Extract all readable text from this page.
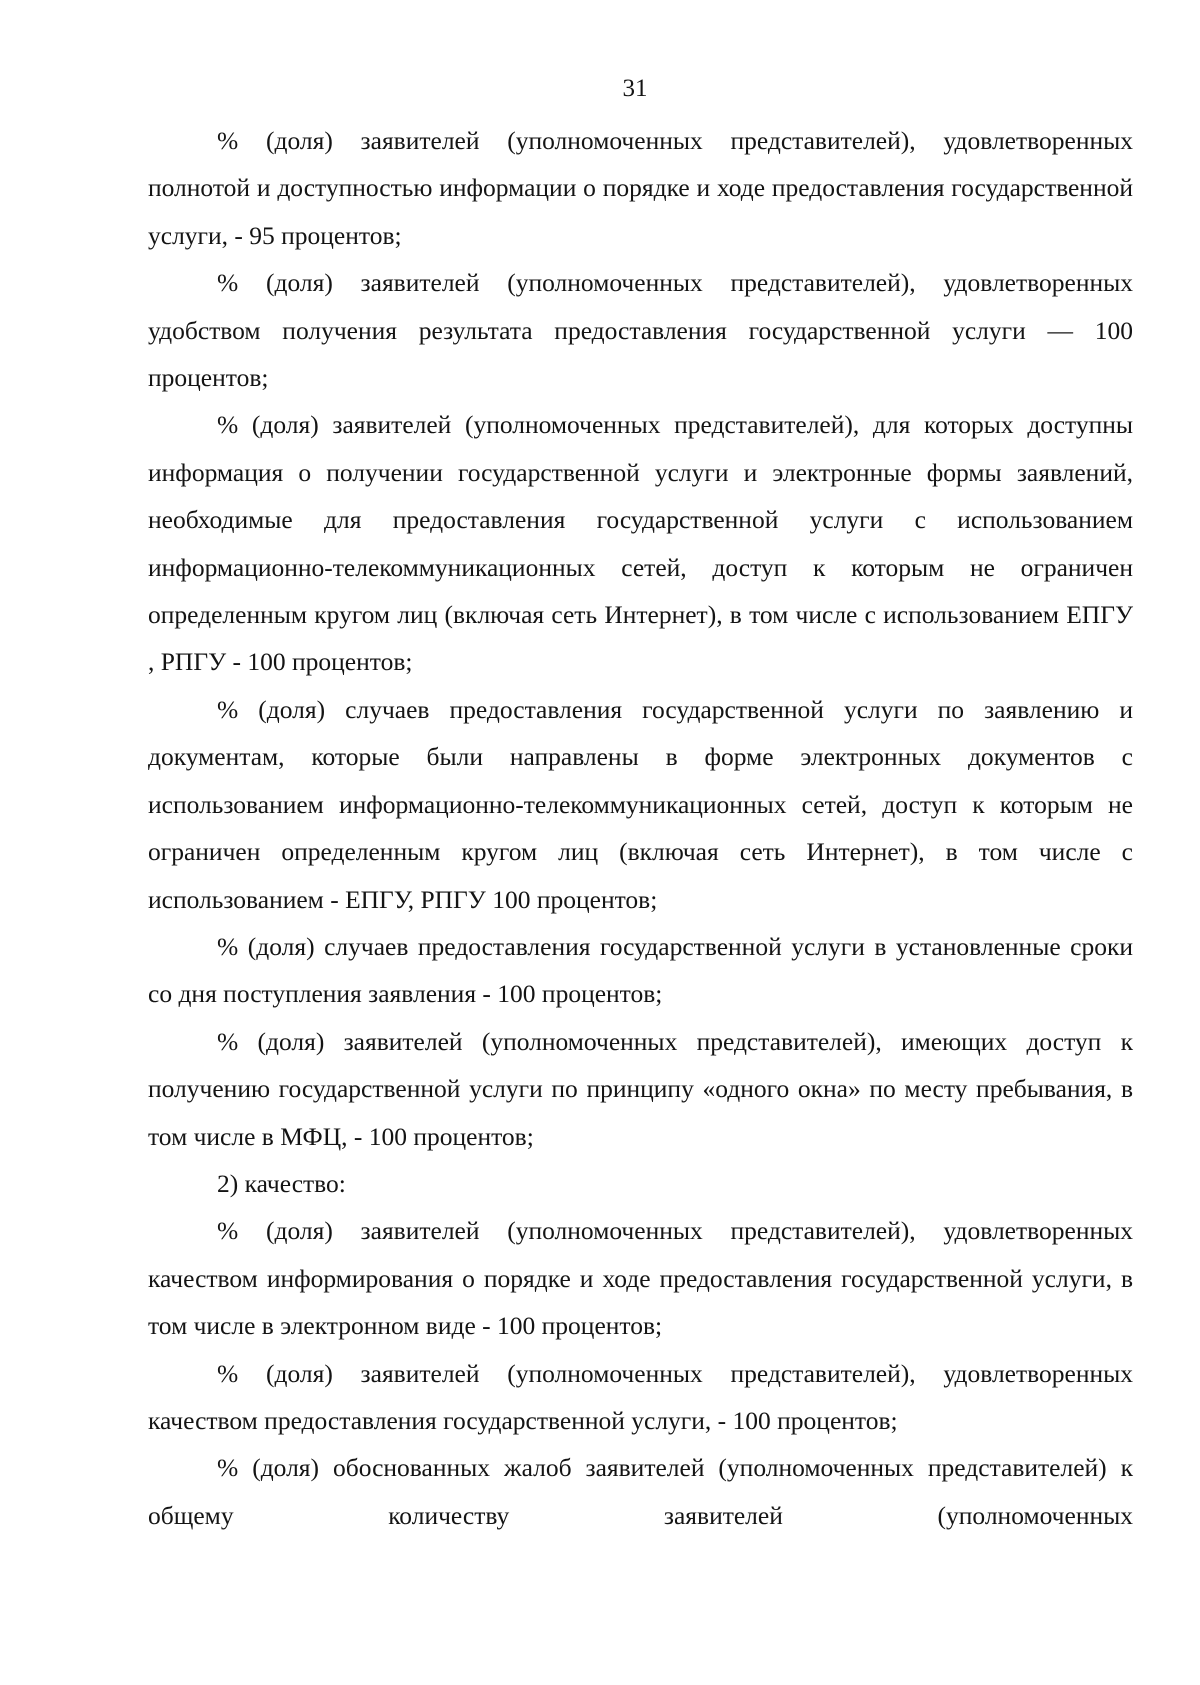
31

% (доля) заявителей (уполномоченных представителей), удовлетворенных полнотой и доступностью информации о порядке и ходе предоставления государственной услуги, - 95 процентов;

% (доля) заявителей (уполномоченных представителей), удовлетворенных удобством получения результата предоставления государственной услуги — 100 процентов;

% (доля) заявителей (уполномоченных представителей), для которых доступны информация о получении государственной услуги и электронные формы заявлений, необходимые для предоставления государственной услуги с использованием информационно-телекоммуникационных сетей, доступ к которым не ограничен определенным кругом лиц (включая сеть Интернет), в том числе с использованием ЕПГУ , РПГУ - 100 процентов;

% (доля) случаев предоставления государственной услуги по заявлению и документам, которые были направлены в форме электронных документов с использованием информационно-телекоммуникационных сетей, доступ к которым не ограничен определенным кругом лиц (включая сеть Интернет), в том числе с использованием - ЕПГУ, РПГУ 100 процентов;

% (доля) случаев предоставления государственной услуги в установленные сроки со дня поступления заявления - 100 процентов;

% (доля) заявителей (уполномоченных представителей), имеющих доступ к получению государственной услуги по принципу «одного окна» по месту пребывания, в том числе в МФЦ, - 100 процентов;

2) качество:

% (доля) заявителей (уполномоченных представителей), удовлетворенных качеством информирования о порядке и ходе предоставления государственной услуги, в том числе в электронном виде - 100 процентов;

% (доля) заявителей (уполномоченных представителей), удовлетворенных качеством предоставления государственной услуги, - 100 процентов;

% (доля) обоснованных жалоб заявителей (уполномоченных представителей) к общему количеству заявителей (уполномоченных
